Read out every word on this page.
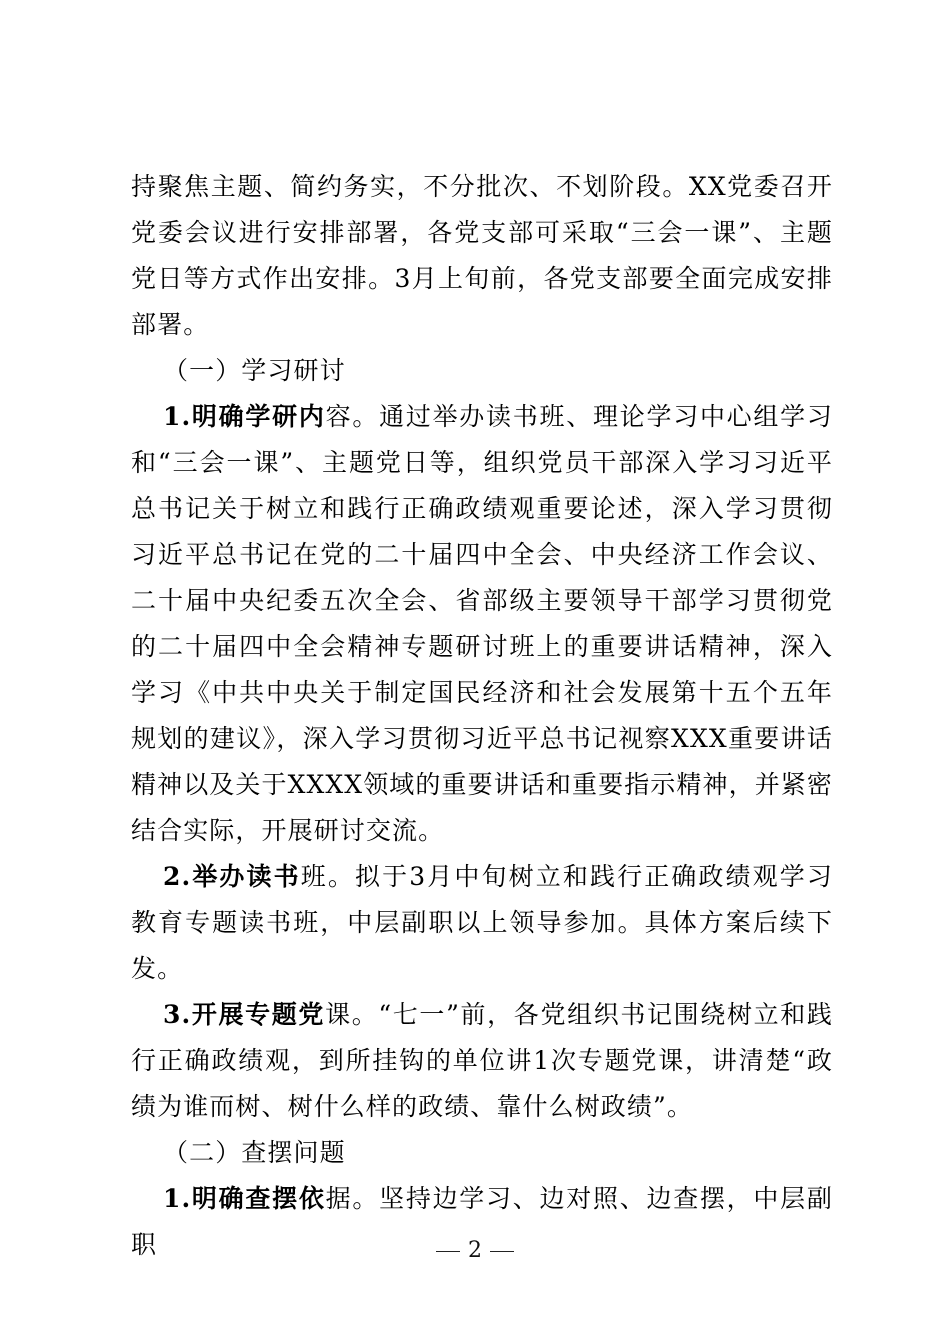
持聚焦主题、简约务实，不分批次、不划阶段。XX党委召开党委会议进行安排部署，各党支部可采取“三会一课”、主题党日等方式作出安排。3月上旬前，各党支部要全面完成安排部署。

（一）学习研讨

1.明确学研内容。通过举办读书班、理论学习中心组学习和“三会一课”、主题党日等，组织党员干部深入学习习近平总书记关于树立和践行正确政绩观重要论述，深入学习贯彻习近平总书记在党的二十届四中全会、中央经济工作会议、二十届中央纪委五次全会、省部级主要领导干部学习贯彻党的二十届四中全会精神专题研讨班上的重要讲话精神，深入学习《中共中央关于制定国民经济和社会发展第十五个五年规划的建议》，深入学习贯彻习近平总书记视察XXX重要讲话精神以及关于XXXX领域的重要讲话和重要指示精神，并紧密结合实际，开展研讨交流。

2.举办读书班。拟于3月中旬树立和践行正确政绩观学习教育专题读书班，中层副职以上领导参加。具体方案后续下发。

3.开展专题党课。“七一”前，各党组织书记围绕树立和践行正确政绩观，到所挂钩的单位讲1次专题党课，讲清楚“政绩为谁而树、树什么样的政绩、靠什么树政绩”。

（二）查摆问题

1.明确查摆依据。坚持边学习、边对照、边查摆，中层副职	2
